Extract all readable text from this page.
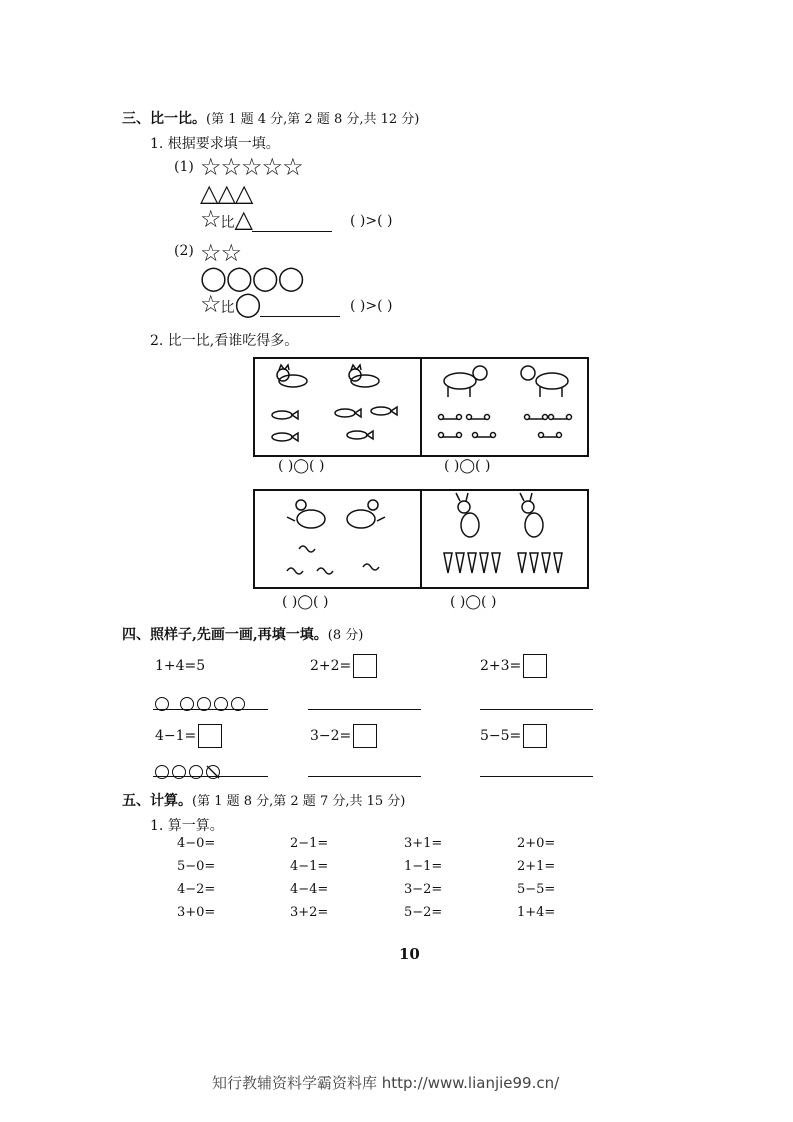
三、比一比。(第 1 题 4 分,第 2 题 8 分,共 12 分)
1. 根据要求填一填。
(1) ☆☆☆☆☆
△△△
☆比△	( )>( )
(2) ☆☆
◯◯◯◯
☆比◯	( )>( )
2. 比一比,看谁吃得多。
( )◯( )	( )◯( )
( )◯( )	( )◯( )
四、照样子,先画一画,再填一填。(8 分)
1+4=5	2+2=	2+3=
4−1=	3−2=	5−5=
五、计算。(第 1 题 8 分,第 2 题 7 分,共 15 分)
1. 算一算。
4−0=	2−1=	3+1=	2+0=
5−0=	4−1=	1−1=	2+1=
4−2=	4−4=	3−2=	5−5=
3+0=	3+2=	5−2=	1+4=
10
知行教辅资料学霸资料库 http://www.lianjie99.cn/
